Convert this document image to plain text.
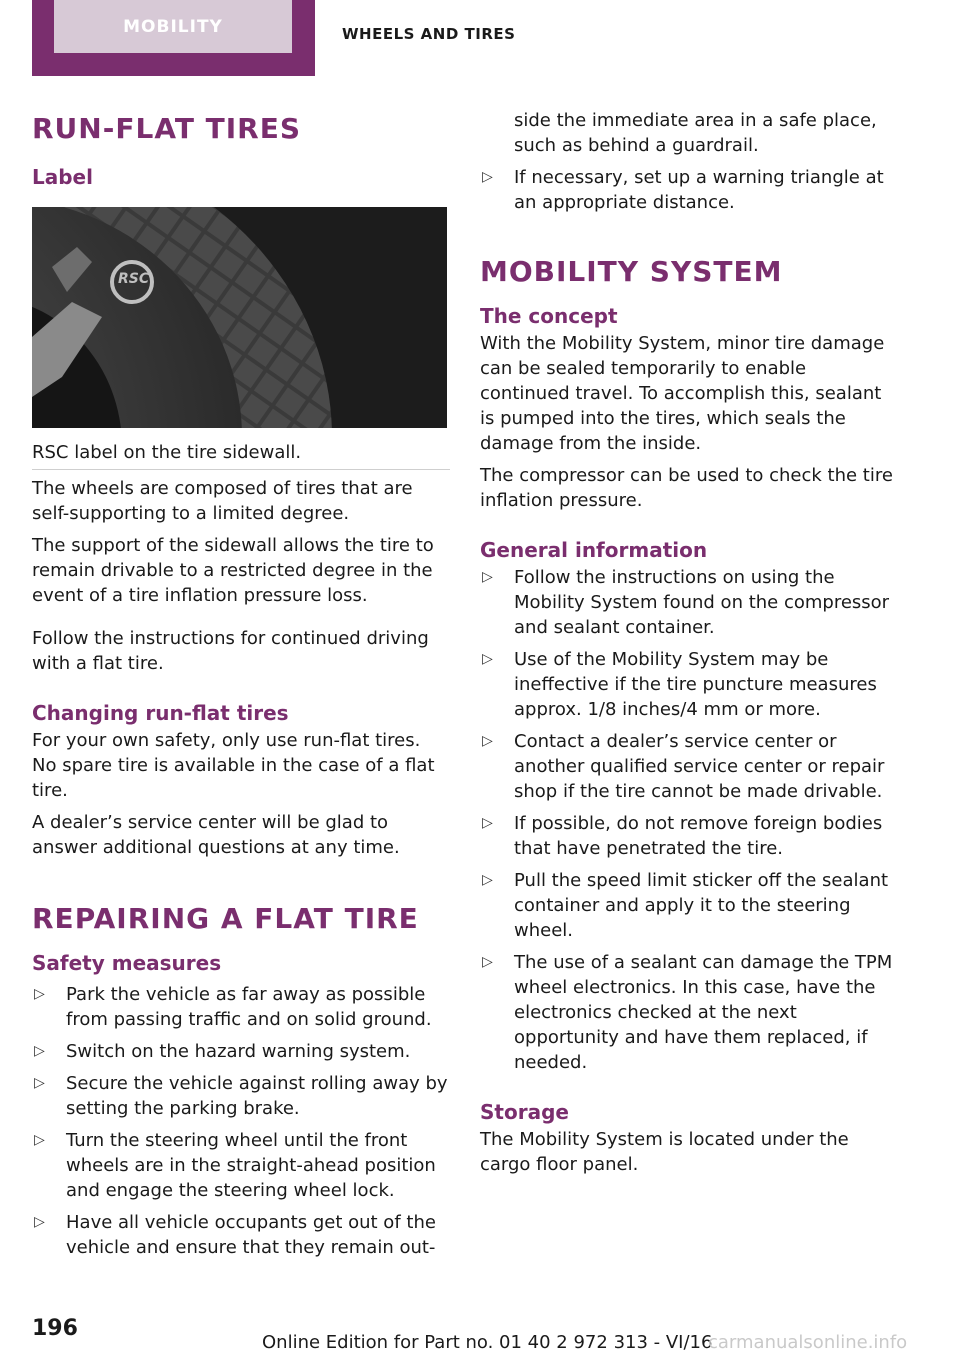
MOBILITY	WHEELS AND TIRES
RUN-FLAT TIRES
Label
RSC

RSC label on the tire sidewall.

The wheels are composed of tires that are self-supporting to a limited degree.

The support of the sidewall allows the tire to remain drivable to a restricted degree in the event of a tire inflation pressure loss.

Follow the instructions for continued driving with a flat tire.

Changing run-flat tires

For your own safety, only use run-flat tires. No spare tire is available in the case of a flat tire.

A dealer’s service center will be glad to answer additional questions at any time.

REPAIRING A FLAT TIRE
Safety measures
▷ Park the vehicle as far away as possible from passing traffic and on solid ground.
▷ Switch on the hazard warning system.
▷ Secure the vehicle against rolling away by setting the parking brake.
▷ Turn the steering wheel until the front wheels are in the straight-ahead position and engage the steering wheel lock.
▷ Have all vehicle occupants get out of the vehicle and ensure that they remain out-
side the immediate area in a safe place, such as behind a guardrail.
▷ If necessary, set up a warning triangle at an appropriate distance.
MOBILITY SYSTEM
The concept

With the Mobility System, minor tire damage can be sealed temporarily to enable continued travel. To accomplish this, sealant is pumped into the tires, which seals the damage from the inside.

The compressor can be used to check the tire inflation pressure.

General information
▷ Follow the instructions on using the Mobility System found on the compressor and sealant container.
▷ Use of the Mobility System may be ineffective if the tire puncture measures approx. 1/8 inches/4 mm or more.
▷ Contact a dealer’s service center or another qualified service center or repair shop if the tire cannot be made drivable.
▷ If possible, do not remove foreign bodies that have penetrated the tire.
▷ Pull the speed limit sticker off the sealant container and apply it to the steering wheel.
▷ The use of a sealant can damage the TPM wheel electronics. In this case, have the electronics checked at the next opportunity and have them replaced, if needed.
Storage

The Mobility System is located under the cargo floor panel.

196
Online Edition for Part no. 01 40 2 972 313 - VI/16
carmanualsonline.info
